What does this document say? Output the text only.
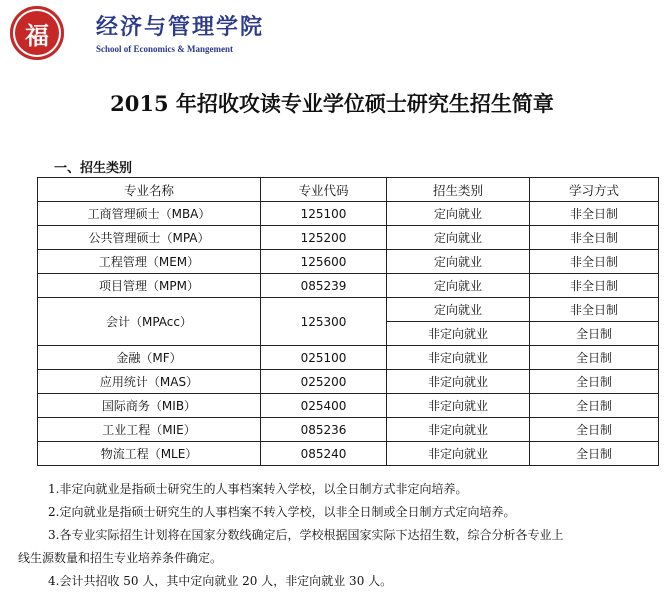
福 经济与管理学院
School of Economics & Mangement
2015 年招收攻读专业学位硕士研究生招生简章
一、招生类别
专业名称	专业代码	招生类别	学习方式
工商管理硕士（MBA）	125100	定向就业	非全日制
公共管理硕士（MPA）	125200	定向就业	非全日制
工程管理（MEM）	125600	定向就业	非全日制
项目管理（MPM）	085239	定向就业	非全日制
会计（MPAcc）	125300	定向就业	非全日制
		非定向就业	全日制
金融（MF）	025100	非定向就业	全日制
应用统计（MAS）	025200	非定向就业	全日制
国际商务（MIB）	025400	非定向就业	全日制
工业工程（MIE）	085236	非定向就业	全日制
物流工程（MLE）	085240	非定向就业	全日制

1.非定向就业是指硕士研究生的人事档案转入学校，以全日制方式非定向培养。

2.定向就业是指硕士研究生的人事档案不转入学校，以非全日制或全日制方式定向培养。

3.各专业实际招生计划将在国家分数线确定后，学校根据国家实际下达招生数，综合分析各专业上

线生源数量和招生专业培养条件确定。

4.会计共招收 50 人，其中定向就业 20 人，非定向就业 30 人。
